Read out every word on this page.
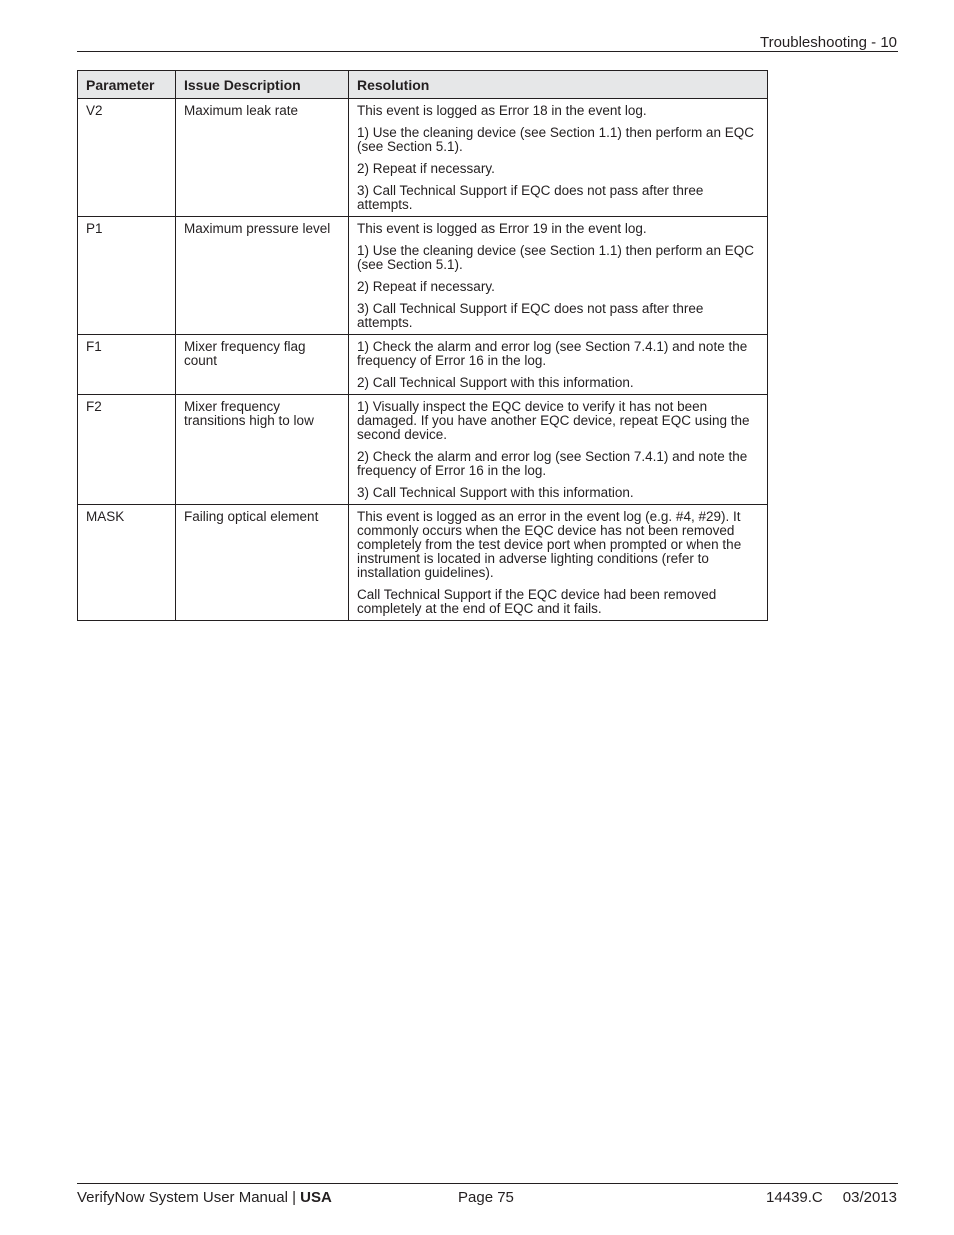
Troubleshooting - 10
Parameter	Issue Description	Resolution
V2	Maximum leak rate	This event is logged as Error 18 in the event log.

1) Use the cleaning device (see Section 1.1) then perform an EQC (see Section 5.1).

2) Repeat if necessary.

3) Call Technical Support if EQC does not pass after three attempts.

P1	Maximum pressure level	This event is logged as Error 19 in the event log.

1) Use the cleaning device (see Section 1.1) then perform an EQC (see Section 5.1).

2) Repeat if necessary.

3) Call Technical Support if EQC does not pass after three attempts.

F1	Mixer frequency flag count	1) Check the alarm and error log (see Section 7.4.1) and note the frequency of Error 16 in the log.

2) Call Technical Support with this information.

F2	Mixer frequency transitions high to low	1) Visually inspect the EQC device to verify it has not been damaged. If you have another EQC device, repeat EQC using the second device.

2) Check the alarm and error log (see Section 7.4.1) and note the frequency of Error 16 in the log.

3) Call Technical Support with this information.

MASK	Failing optical element	This event is logged as an error in the event log (e.g. #4, #29). It commonly occurs when the EQC device has not been removed completely from the test device port when prompted or when the instrument is located in adverse lighting conditions (refer to installation guidelines).

Call Technical Support if the EQC device had been removed completely at the end of EQC and it fails.

VerifyNow System User Manual | USA	Page 75	14439.C 03/2013
